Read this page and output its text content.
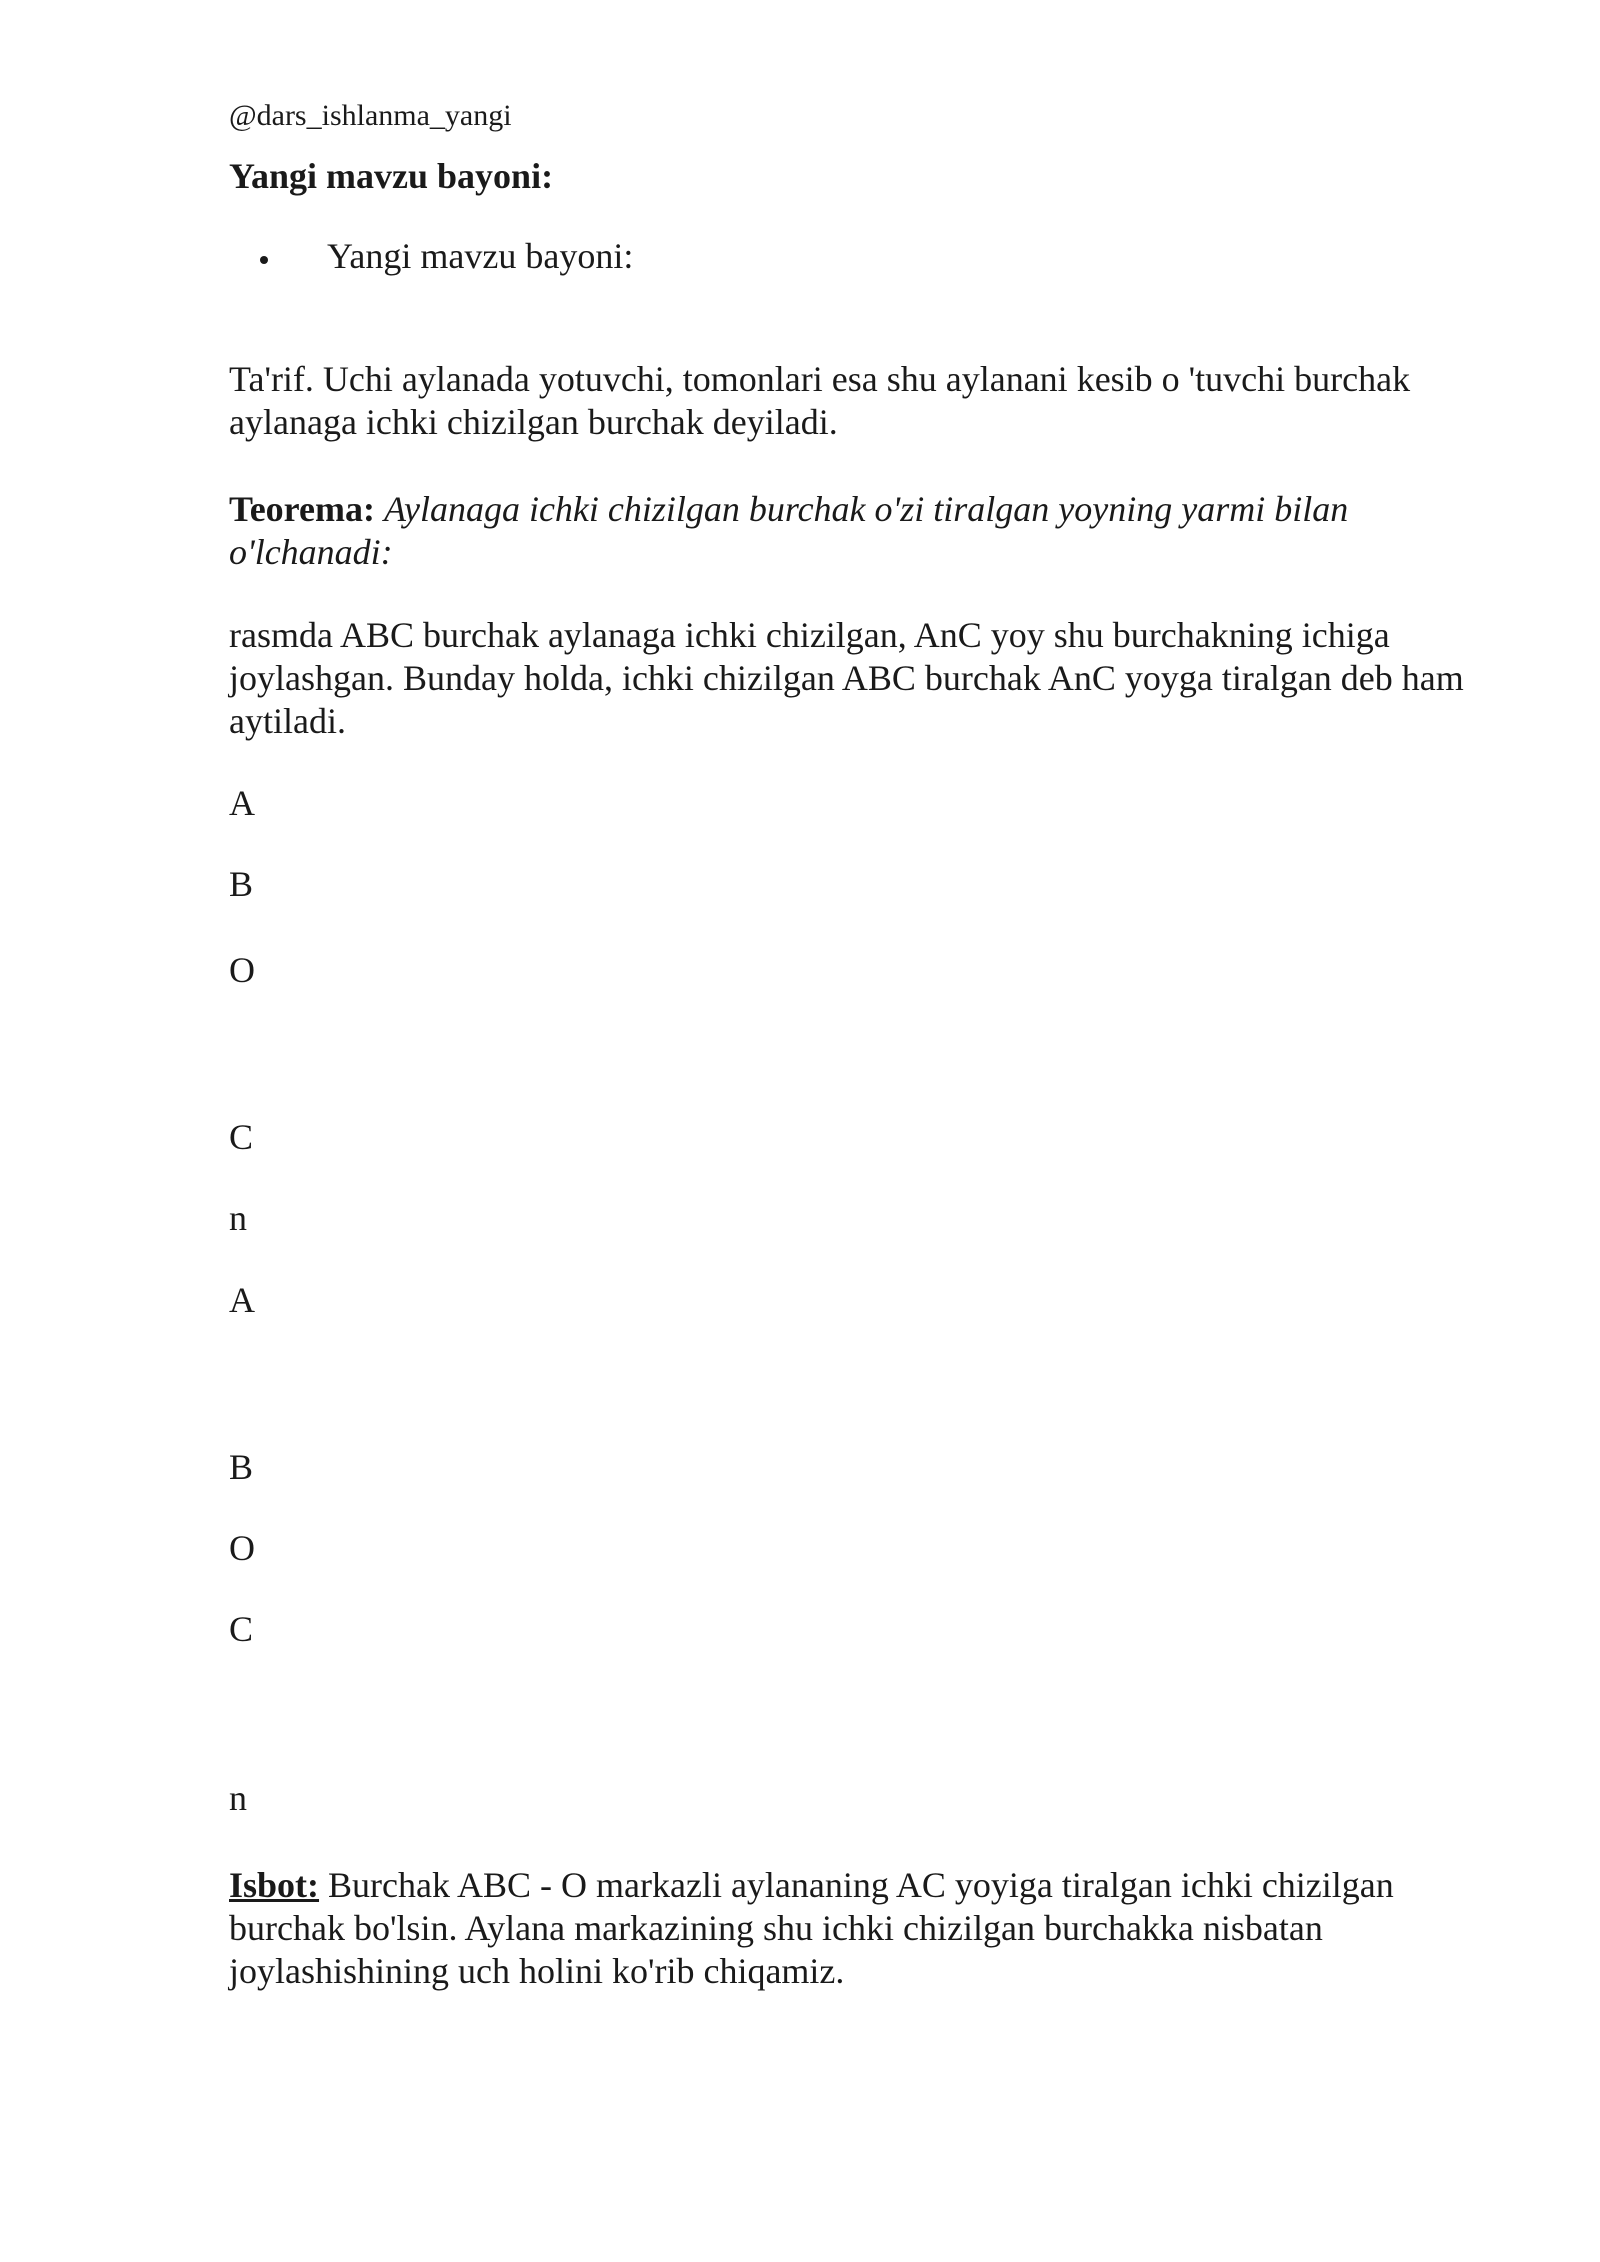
@dars_ishlanma_yangi

Yangi mavzu bayoni:

Yangi mavzu bayoni:

Ta'rif. Uchi aylanada yotuvchi, tomonlari esa shu aylanani kesib o 'tuvchi burchak aylanaga ichki chizilgan burchak deyiladi.

Teorema: Aylanaga ichki chizilgan burchak o'zi tiralgan yoyning yarmi bilan o'lchanadi:

rasmda ABC burchak aylanaga ichki chizilgan, AnC yoy shu burchakning ichiga joylashgan. Bunday holda, ichki chizilgan ABC burchak AnC yoyga tiralgan deb ham aytiladi.

A

B

O

C

n

A

B

O

C

n

Isbot: Burchak ABC - O markazli aylananing AC yoyiga tiralgan ichki chizilgan burchak bo'lsin. Aylana markazining shu ichki chizilgan burchakka nisbatan joylashishining uch holini ko'rib chiqamiz.
